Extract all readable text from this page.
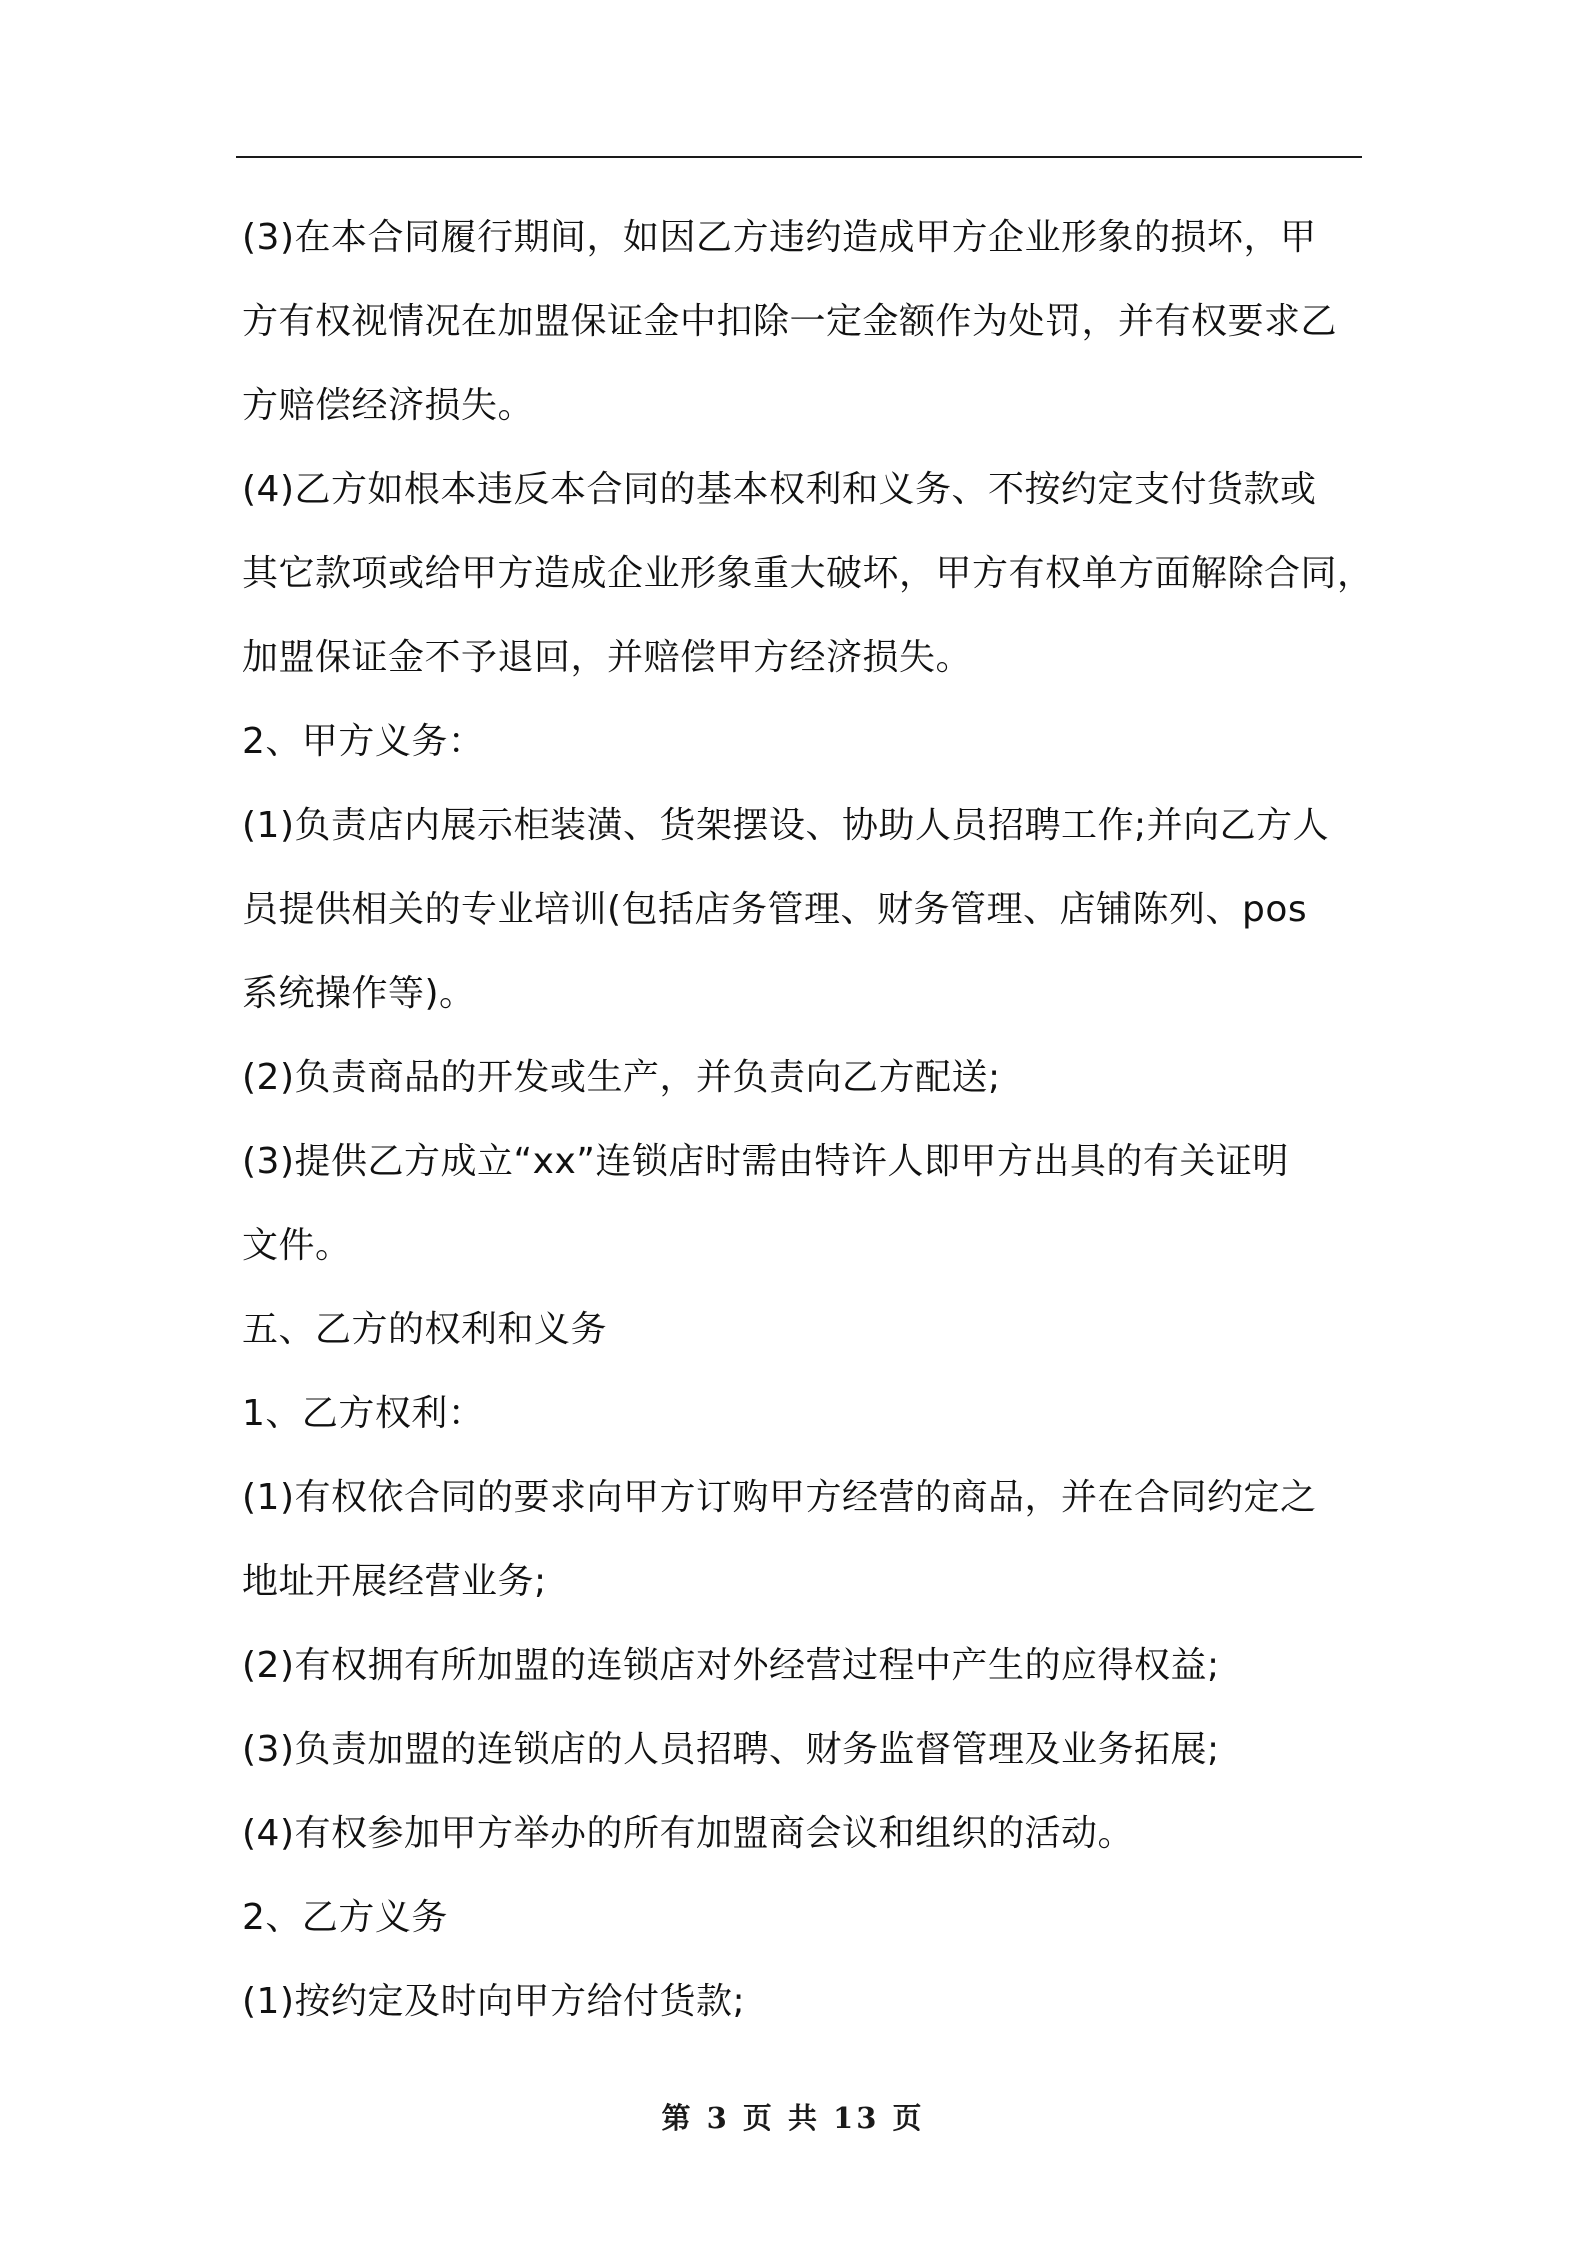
(3)在本合同履行期间，如因乙方违约造成甲方企业形象的损坏，甲
方有权视情况在加盟保证金中扣除一定金额作为处罚，并有权要求乙
方赔偿经济损失。
(4)乙方如根本违反本合同的基本权利和义务、不按约定支付货款或
其它款项或给甲方造成企业形象重大破坏，甲方有权单方面解除合同，
加盟保证金不予退回，并赔偿甲方经济损失。
2、甲方义务：
(1)负责店内展示柜装潢、货架摆设、协助人员招聘工作;并向乙方人
员提供相关的专业培训(包括店务管理、财务管理、店铺陈列、pos
系统操作等)。
(2)负责商品的开发或生产，并负责向乙方配送;
(3)提供乙方成立“xx”连锁店时需由特许人即甲方出具的有关证明
文件。
五、乙方的权利和义务
1、乙方权利：
(1)有权依合同的要求向甲方订购甲方经营的商品，并在合同约定之
地址开展经营业务;
(2)有权拥有所加盟的连锁店对外经营过程中产生的应得权益;
(3)负责加盟的连锁店的人员招聘、财务监督管理及业务拓展;
(4)有权参加甲方举办的所有加盟商会议和组织的活动。
2、乙方义务
(1)按约定及时向甲方给付货款;
第 3 页 共 13 页
